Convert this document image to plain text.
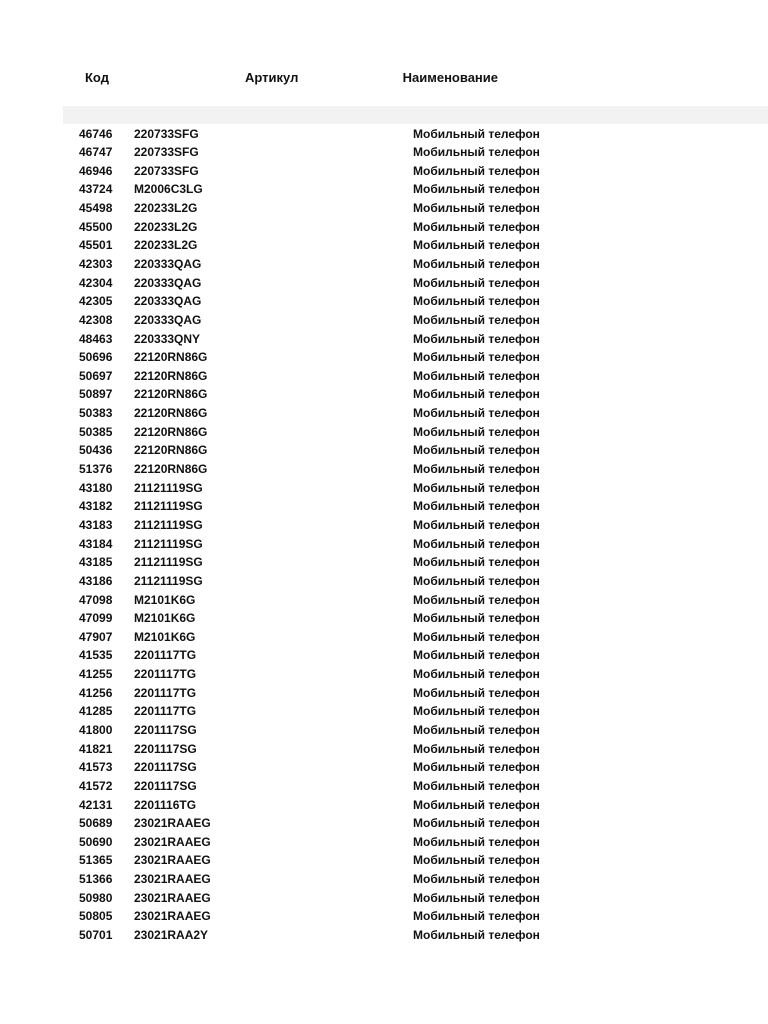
Код	Артикул	Наименование
46746 220733SFG	Мобильный телефон
46747 220733SFG	Мобильный телефон
46946 220733SFG	Мобильный телефон
43724 M2006C3LG	Мобильный телефон
45498 220233L2G	Мобильный телефон
45500 220233L2G	Мобильный телефон
45501 220233L2G	Мобильный телефон
42303 220333QAG	Мобильный телефон
42304 220333QAG	Мобильный телефон
42305 220333QAG	Мобильный телефон
42308 220333QAG	Мобильный телефон
48463 220333QNY	Мобильный телефон
50696 22120RN86G	Мобильный телефон
50697 22120RN86G	Мобильный телефон
50897 22120RN86G	Мобильный телефон
50383 22120RN86G	Мобильный телефон
50385 22120RN86G	Мобильный телефон
50436 22120RN86G	Мобильный телефон
51376 22120RN86G	Мобильный телефон
43180 21121119SG	Мобильный телефон
43182 21121119SG	Мобильный телефон
43183 21121119SG	Мобильный телефон
43184 21121119SG	Мобильный телефон
43185 21121119SG	Мобильный телефон
43186 21121119SG	Мобильный телефон
47098 M2101K6G	Мобильный телефон
47099 M2101K6G	Мобильный телефон
47907 M2101K6G	Мобильный телефон
41535 2201117TG	Мобильный телефон
41255 2201117TG	Мобильный телефон
41256 2201117TG	Мобильный телефон
41285 2201117TG	Мобильный телефон
41800 2201117SG	Мобильный телефон
41821 2201117SG	Мобильный телефон
41573 2201117SG	Мобильный телефон
41572 2201117SG	Мобильный телефон
42131 2201116TG	Мобильный телефон
50689 23021RAAEG	Мобильный телефон
50690 23021RAAEG	Мобильный телефон
51365 23021RAAEG	Мобильный телефон
51366 23021RAAEG	Мобильный телефон
50980 23021RAAEG	Мобильный телефон
50805 23021RAAEG	Мобильный телефон
50701 23021RAA2Y	Мобильный телефон
